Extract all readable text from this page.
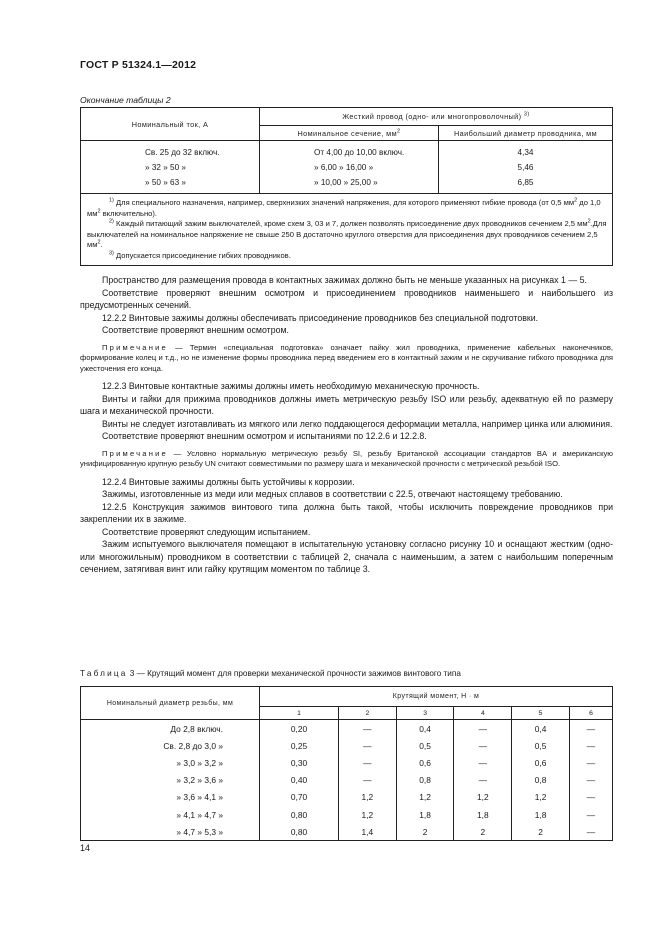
ГОСТ Р 51324.1—2012
Окончание таблицы 2
Номинальный ток, А	Жесткий провод (одно- или многопроволочный) $^{3)}$
	Номинальное сечение, $мм^2$	Наибольший диаметр проводника, мм
Св. 25 до 32 включ.	От 4,00 до 10,00 включ.	4,34
» 32 » 50 »	» 6,00 » 16,00 »	5,46
» 50 » 63 »	» 10,00 » 25,00 »	6,85

$^{1)}$ Для специального назначения, например, сверхнизких значений напряжения, для которого применяют гибкие провода (от 0,5 $мм^2$ до 1,0 $мм^2$ включительно).

$^{2)}$ Каждый питающий зажим выключателей, кроме схем 3, 03 и 7, должен позволять присоединение двух проводников сечением 2,5 $мм^2.Для$ выключателей на номинальное напряжение не свыше 250 В достаточно круглого отверстия для присоединения двух проводников сечением 2,5 $мм^2$.

$^{3)}$ Допускается присоединение гибких проводников.		

Пространство для размещения провода в контактных зажимах должно быть не меньше указанных на рисунках 1 — 5.

Соответствие проверяют внешним осмотром и присоединением проводников наименьшего и наибольшего из предусмотренных сечений.

12.2.2 Винтовые зажимы должны обеспечивать присоединение проводников без специальной подготовки.

Соответствие проверяют внешним осмотром.

Примечание — Термин «специальная подготовка» означает пайку жил проводника, применение кабельных наконечников, формирование колец и т.д., но не изменение формы проводника перед введением его в контактный зажим и не скручивание гибкого проводника для ужесточения его конца.

12.2.3 Винтовые контактные зажимы должны иметь необходимую механическую прочность.

Винты и гайки для прижима проводников должны иметь метрическую резьбу ISO или резьбу, адекватную ей по размеру шага и механической прочности.

Винты не следует изготавливать из мягкого или легко поддающегося деформации металла, например цинка или алюминия.

Соответствие проверяют внешним осмотром и испытаниями по 12.2.6 и 12.2.8.

Примечание — Условно нормальную метрическую резьбу SI, резьбу Британской ассоциации стандартов BA и американскую унифицированную крупную резьбу UN считают совместимыми по размеру шага и механической прочности с метрической резьбой ISO.

12.2.4 Винтовые зажимы должны быть устойчивы к коррозии.

Зажимы, изготовленные из меди или медных сплавов в соответствии с 22.5, отвечают настоящему требованию.

12.2.5 Конструкция зажимов винтового типа должна быть такой, чтобы исключить повреждение проводников при закреплении их в зажиме.

Соответствие проверяют следующим испытанием.

Зажим испытуемого выключателя помещают в испытательную установку согласно рисунку 10 и оснащают жестким (одно- или многожильным) проводником в соответствии с таблицей 2, сначала с наименьшим, а затем с наибольшим поперечным сечением, затягивая винт или гайку крутящим моментом по таблице 3.

Таблица 3 — Крутящий момент для проверки механической прочности зажимов винтового типа
Номинальный диаметр резьбы, мм	Крутящий момент, Н · м					
	1	2	3	4	5	6
До 2,8 включ.	0,20	—	0,4	—	0,4	—
Св. 2,8 до 3,0 »	0,25	—	0,5	—	0,5	—
» 3,0 » 3,2 »	0,30	—	0,6	—	0,6	—
» 3,2 » 3,6 »	0,40	—	0,8	—	0,8	—
» 3,6 » 4,1 »	0,70	1,2	1,2	1,2	1,2	—
» 4,1 » 4,7 »	0,80	1,2	1,8	1,8	1,8	—
» 4,7 » 5,3 »	0,80	1,4	2	2	2	—
14
